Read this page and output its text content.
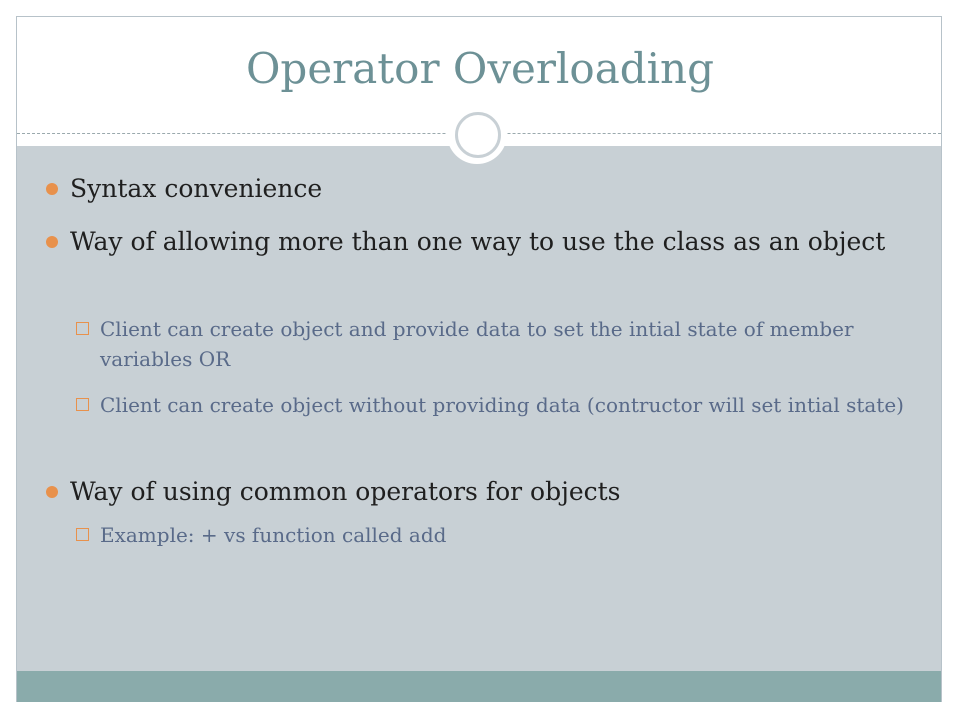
Operator Overloading
Syntax convenience
Way of allowing more than one way to use the class as an object
Client can create object and provide data to set the intial state of member variables OR
Client can create object without providing data (contructor will set intial state)
Way of using common operators for objects
Example: + vs function called add
